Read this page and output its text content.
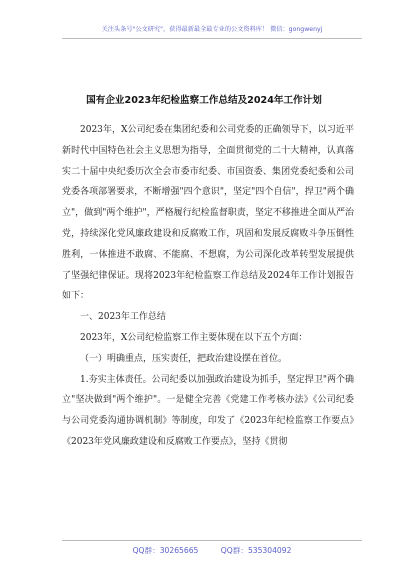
关注头条号"公文研究"，获得最新最全最专业的公文资料库！ 微信：gongwenyj
国有企业2023年纪检监察工作总结及2024年工作计划

2023年，X公司纪委在集团纪委和公司党委的正确领导下，以习近平新时代中国特色社会主义思想为指导，全面贯彻党的二十大精神，认真落实二十届中央纪委历次全会市委市纪委、市国资委、集团党委纪委和公司党委各项部署要求，不断增强"四个意识"，坚定"四个自信"，捍卫"两个确立"，做到"两个维护"，严格履行纪检监督职责，坚定不移推进全面从严治党，持续深化党风廉政建设和反腐败工作，巩固和发展反腐败斗争压倒性胜利，一体推进不敢腐、不能腐、不想腐，为公司深化改革转型发展提供了坚强纪律保证。现将2023年纪检监察工作总结及2024年工作计划报告如下：

一、2023年工作总结

2023年，X公司纪检监察工作主要体现在以下五个方面：

（一）明确重点，压实责任，把政治建设摆在首位。

1.夯实主体责任。公司纪委以加强政治建设为抓手，坚定捍卫"两个确立"坚决做到"两个维护"。一是健全完善《党建工作考核办法》《公司纪委与公司党委沟通协调机制》等制度，印发了《2023年纪检监察工作要点》《2023年党风廉政建设和反腐败工作要点》，坚持《贯彻

QQ群：30265665	QQ群：535304092
